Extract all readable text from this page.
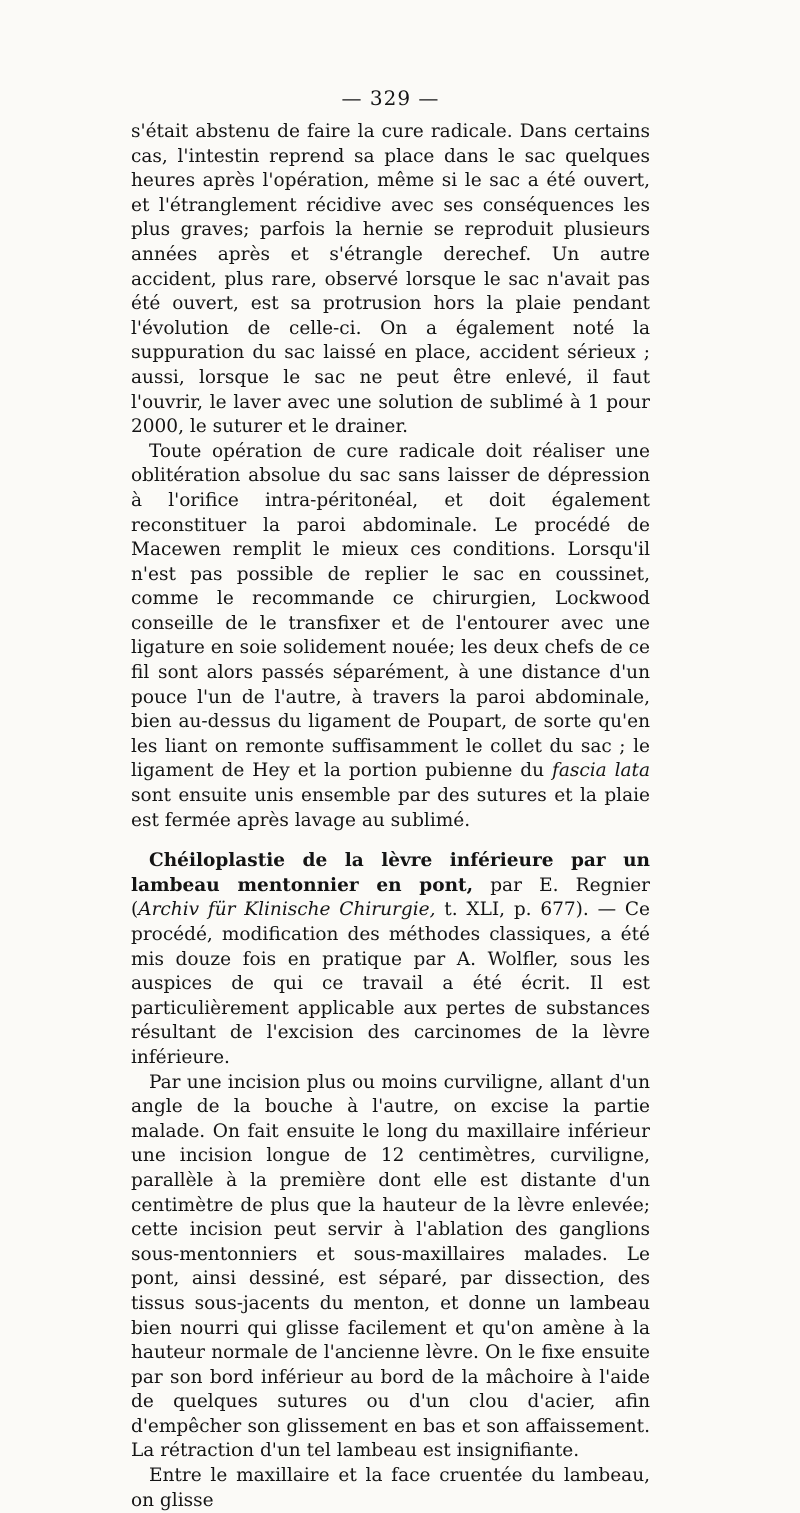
— 329 —

s'était abstenu de faire la cure radicale. Dans certains cas, l'intestin reprend sa place dans le sac quelques heures après l'opération, même si le sac a été ouvert, et l'étranglement récidive avec ses conséquences les plus graves; parfois la hernie se reproduit plusieurs années après et s'étrangle derechef. Un autre accident, plus rare, observé lorsque le sac n'avait pas été ouvert, est sa protrusion hors la plaie pendant l'évolution de celle-ci. On a également noté la suppuration du sac laissé en place, accident sérieux ; aussi, lorsque le sac ne peut être enlevé, il faut l'ouvrir, le laver avec une solution de sublimé à 1 pour 2000, le suturer et le drainer.

Toute opération de cure radicale doit réaliser une oblitération absolue du sac sans laisser de dépression à l'orifice intra-péritonéal, et doit également reconstituer la paroi abdominale. Le procédé de Macewen remplit le mieux ces conditions. Lorsqu'il n'est pas possible de replier le sac en coussinet, comme le recommande ce chirurgien, Lockwood conseille de le transfixer et de l'entourer avec une ligature en soie solidement nouée; les deux chefs de ce fil sont alors passés séparément, à une distance d'un pouce l'un de l'autre, à travers la paroi abdominale, bien au-dessus du ligament de Poupart, de sorte qu'en les liant on remonte suffisamment le collet du sac ; le ligament de Hey et la portion pubienne du fascia lata sont ensuite unis ensemble par des sutures et la plaie est fermée après lavage au sublimé.

Chéiloplastie de la lèvre inférieure par un lambeau mentonnier en pont, par E. Regnier (Archiv für Klinische Chirurgie, t. XLI, p. 677). — Ce procédé, modification des méthodes classiques, a été mis douze fois en pratique par A. Wolfler, sous les auspices de qui ce travail a été écrit. Il est particulièrement applicable aux pertes de substances résultant de l'excision des carcinomes de la lèvre inférieure.

Par une incision plus ou moins curviligne, allant d'un angle de la bouche à l'autre, on excise la partie malade. On fait ensuite le long du maxillaire inférieur une incision longue de 12 centimètres, curviligne, parallèle à la première dont elle est distante d'un centimètre de plus que la hauteur de la lèvre enlevée; cette incision peut servir à l'ablation des ganglions sous-mentonniers et sous-maxillaires malades. Le pont, ainsi dessiné, est séparé, par dissection, des tissus sous-jacents du menton, et donne un lambeau bien nourri qui glisse facilement et qu'on amène à la hauteur normale de l'ancienne lèvre. On le fixe ensuite par son bord inférieur au bord de la mâchoire à l'aide de quelques sutures ou d'un clou d'acier, afin d'empêcher son glissement en bas et son affaissement. La rétraction d'un tel lambeau est insignifiante.

Entre le maxillaire et la face cruentée du lambeau, on glisse
